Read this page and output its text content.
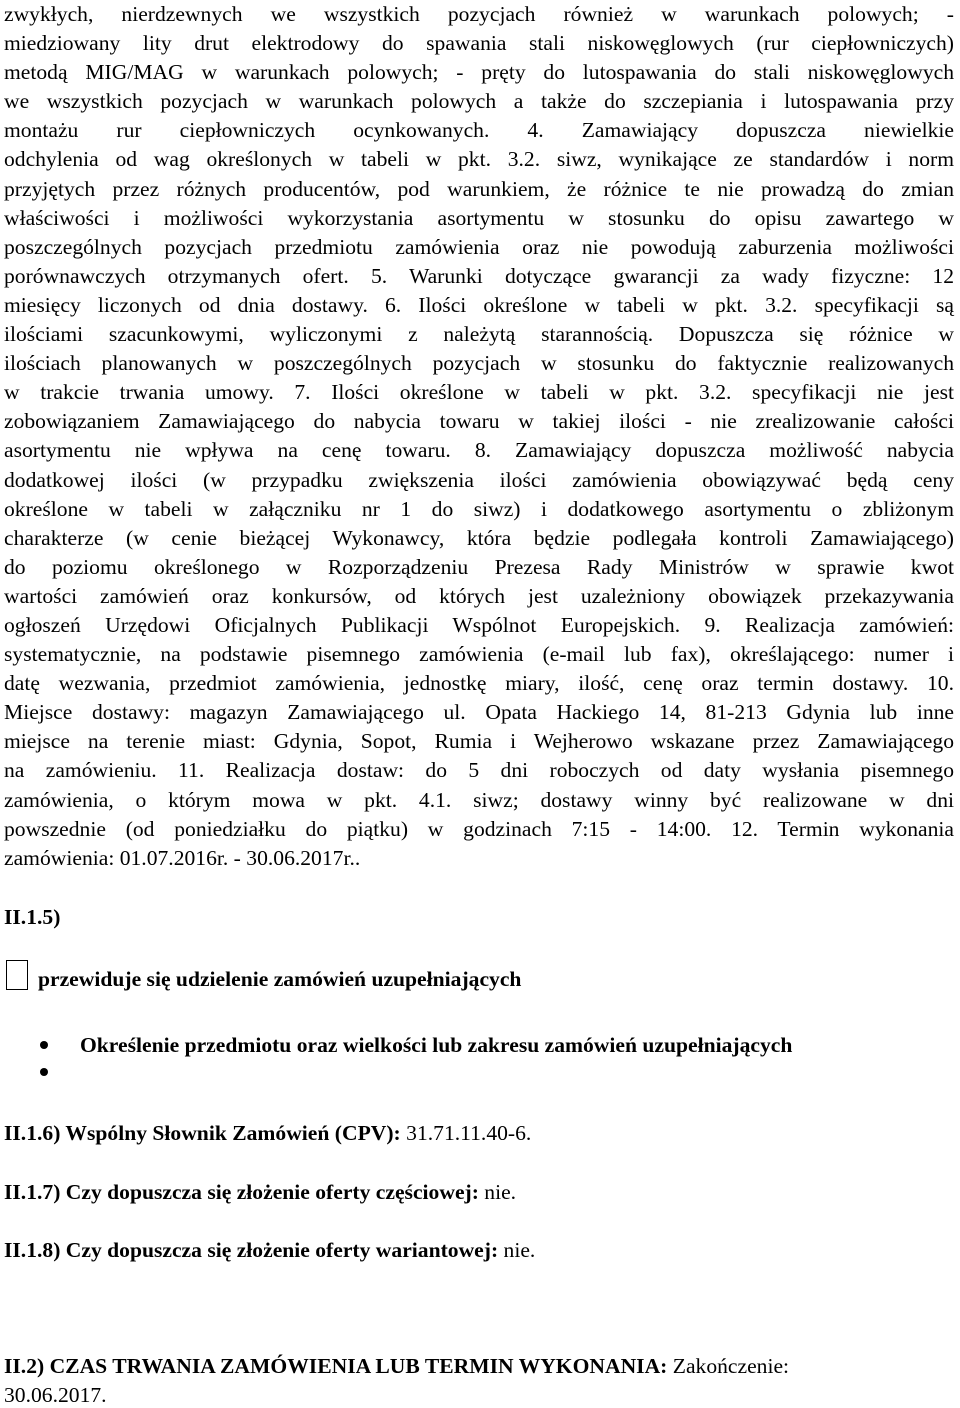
zwykłych, nierdzewnych we wszystkich pozycjach również w warunkach polowych; -
miedziowany lity drut elektrodowy do spawania stali niskowęglowych (rur ciepłowniczych)
metodą MIG/MAG w warunkach polowych; - pręty do lutospawania do stali niskowęglowych
we wszystkich pozycjach w warunkach polowych a także do szczepiania i lutospawania przy
montażu rur ciepłowniczych ocynkowanych. 4. Zamawiający dopuszcza niewielkie
odchylenia od wag określonych w tabeli w pkt. 3.2. siwz, wynikające ze standardów i norm
przyjętych przez różnych producentów, pod warunkiem, że różnice te nie prowadzą do zmian
właściwości i możliwości wykorzystania asortymentu w stosunku do opisu zawartego w
poszczególnych pozycjach przedmiotu zamówienia oraz nie powodują zaburzenia możliwości
porównawczych otrzymanych ofert. 5. Warunki dotyczące gwarancji za wady fizyczne: 12
miesięcy liczonych od dnia dostawy. 6. Ilości określone w tabeli w pkt. 3.2. specyfikacji są
ilościami szacunkowymi, wyliczonymi z należytą starannością. Dopuszcza się różnice w
ilościach planowanych w poszczególnych pozycjach w stosunku do faktycznie realizowanych
w trakcie trwania umowy. 7. Ilości określone w tabeli w pkt. 3.2. specyfikacji nie jest
zobowiązaniem Zamawiającego do nabycia towaru w takiej ilości - nie zrealizowanie całości
asortymentu nie wpływa na cenę towaru. 8. Zamawiający dopuszcza możliwość nabycia
dodatkowej ilości (w przypadku zwiększenia ilości zamówienia obowiązywać będą ceny
określone w tabeli w załączniku nr 1 do siwz) i dodatkowego asortymentu o zbliżonym
charakterze (w cenie bieżącej Wykonawcy, która będzie podlegała kontroli Zamawiającego)
do poziomu określonego w Rozporządzeniu Prezesa Rady Ministrów w sprawie kwot
wartości zamówień oraz konkursów, od których jest uzależniony obowiązek przekazywania
ogłoszeń Urzędowi Oficjalnych Publikacji Wspólnot Europejskich. 9. Realizacja zamówień:
systematycznie, na podstawie pisemnego zamówienia (e-mail lub fax), określającego: numer i
datę wezwania, przedmiot zamówienia, jednostkę miary, ilość, cenę oraz termin dostawy. 10.
Miejsce dostawy: magazyn Zamawiającego ul. Opata Hackiego 14, 81-213 Gdynia lub inne
miejsce na terenie miast: Gdynia, Sopot, Rumia i Wejherowo wskazane przez Zamawiającego
na zamówieniu. 11. Realizacja dostaw: do 5 dni roboczych od daty wysłania pisemnego
zamówienia, o którym mowa w pkt. 4.1. siwz; dostawy winny być realizowane w dni
powszednie (od poniedziałku do piątku) w godzinach 7:15 - 14:00. 12. Termin wykonania
zamówienia: 01.07.2016r. - 30.06.2017r..
II.1.5)
przewiduje się udzielenie zamówień uzupełniających
Określenie przedmiotu oraz wielkości lub zakresu zamówień uzupełniających
II.1.6) Wspólny Słownik Zamówień (CPV): 31.71.11.40-6.
II.1.7) Czy dopuszcza się złożenie oferty częściowej: nie.
II.1.8) Czy dopuszcza się złożenie oferty wariantowej: nie.
II.2) CZAS TRWANIA ZAMÓWIENIA LUB TERMIN WYKONANIA: Zakończenie:
30.06.2017.
